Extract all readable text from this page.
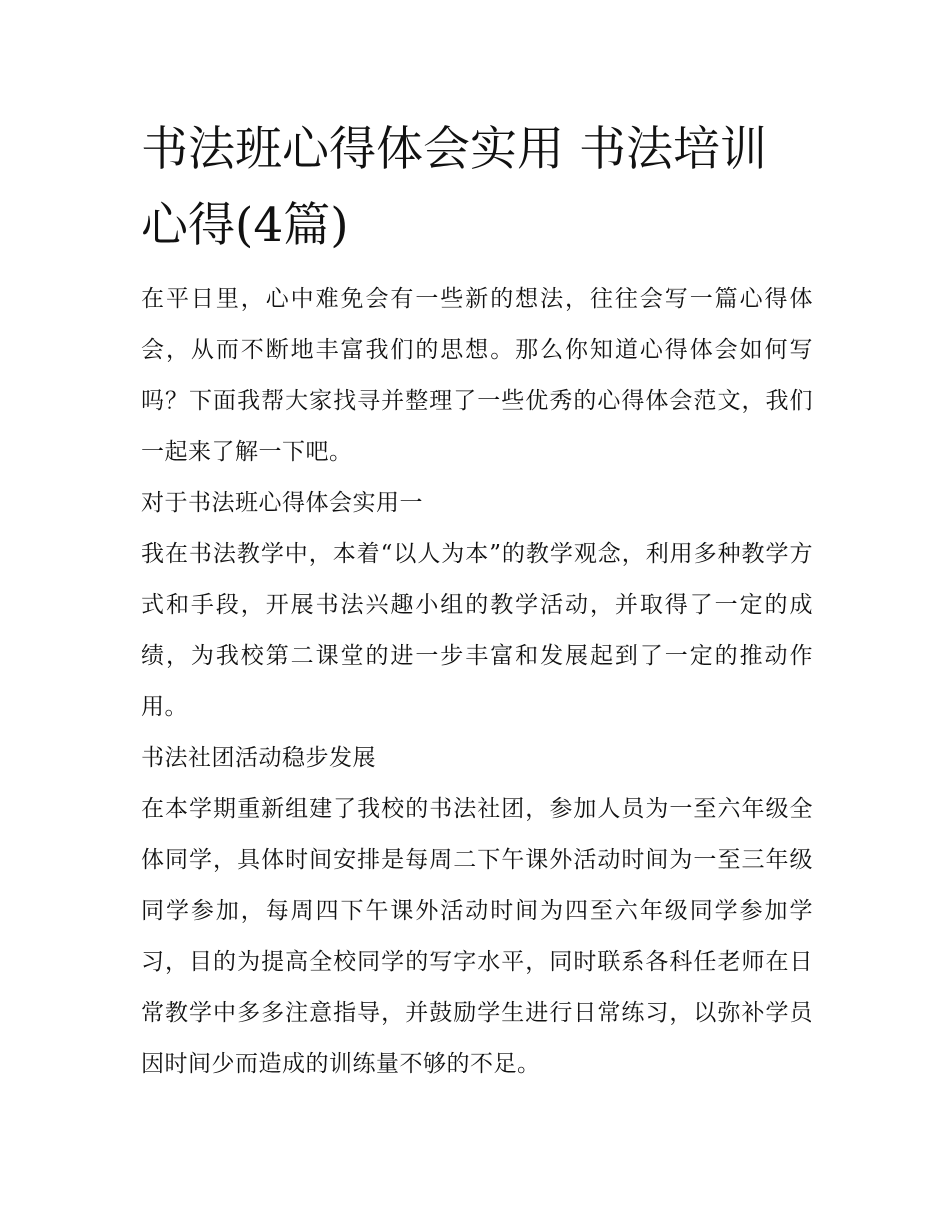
书法班心得体会实用 书法培训心得(4篇)

在平日里，心中难免会有一些新的想法，往往会写一篇心得体会，从而不断地丰富我们的思想。那么你知道心得体会如何写吗？下面我帮大家找寻并整理了一些优秀的心得体会范文，我们一起来了解一下吧。

对于书法班心得体会实用一

我在书法教学中，本着“以人为本”的教学观念，利用多种教学方式和手段，开展书法兴趣小组的教学活动，并取得了一定的成绩，为我校第二课堂的进一步丰富和发展起到了一定的推动作用。

书法社团活动稳步发展

在本学期重新组建了我校的书法社团，参加人员为一至六年级全体同学，具体时间安排是每周二下午课外活动时间为一至三年级同学参加，每周四下午课外活动时间为四至六年级同学参加学习，目的为提高全校同学的写字水平，同时联系各科任老师在日常教学中多多注意指导，并鼓励学生进行日常练习，以弥补学员因时间少而造成的训练量不够的不足。
